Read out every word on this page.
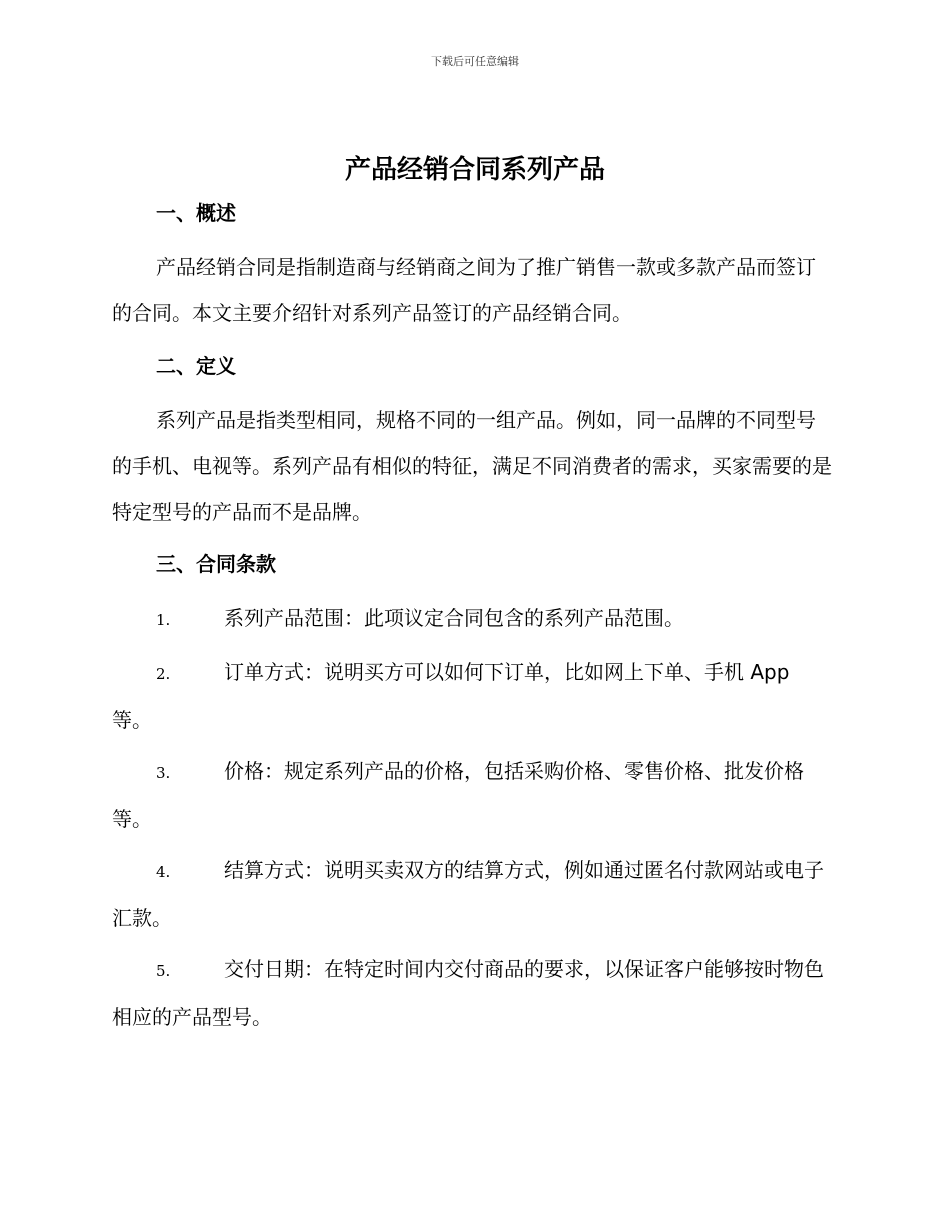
下载后可任意编辑
产品经销合同系列产品
一、概述
产品经销合同是指制造商与经销商之间为了推广销售一款或多款产品而签订的合同。本文主要介绍针对系列产品签订的产品经销合同。
二、定义
系列产品是指类型相同，规格不同的一组产品。例如，同一品牌的不同型号的手机、电视等。系列产品有相似的特征，满足不同消费者的需求，买家需要的是特定型号的产品而不是品牌。
三、合同条款
1.	系列产品范围：此项议定合同包含的系列产品范围。
2.	订单方式：说明买方可以如何下订单，比如网上下单、手机 App 等。
3.	价格：规定系列产品的价格，包括采购价格、零售价格、批发价格等。
4.	结算方式：说明买卖双方的结算方式，例如通过匿名付款网站或电子汇款。
5.	交付日期：在特定时间内交付商品的要求，以保证客户能够按时物色相应的产品型号。
